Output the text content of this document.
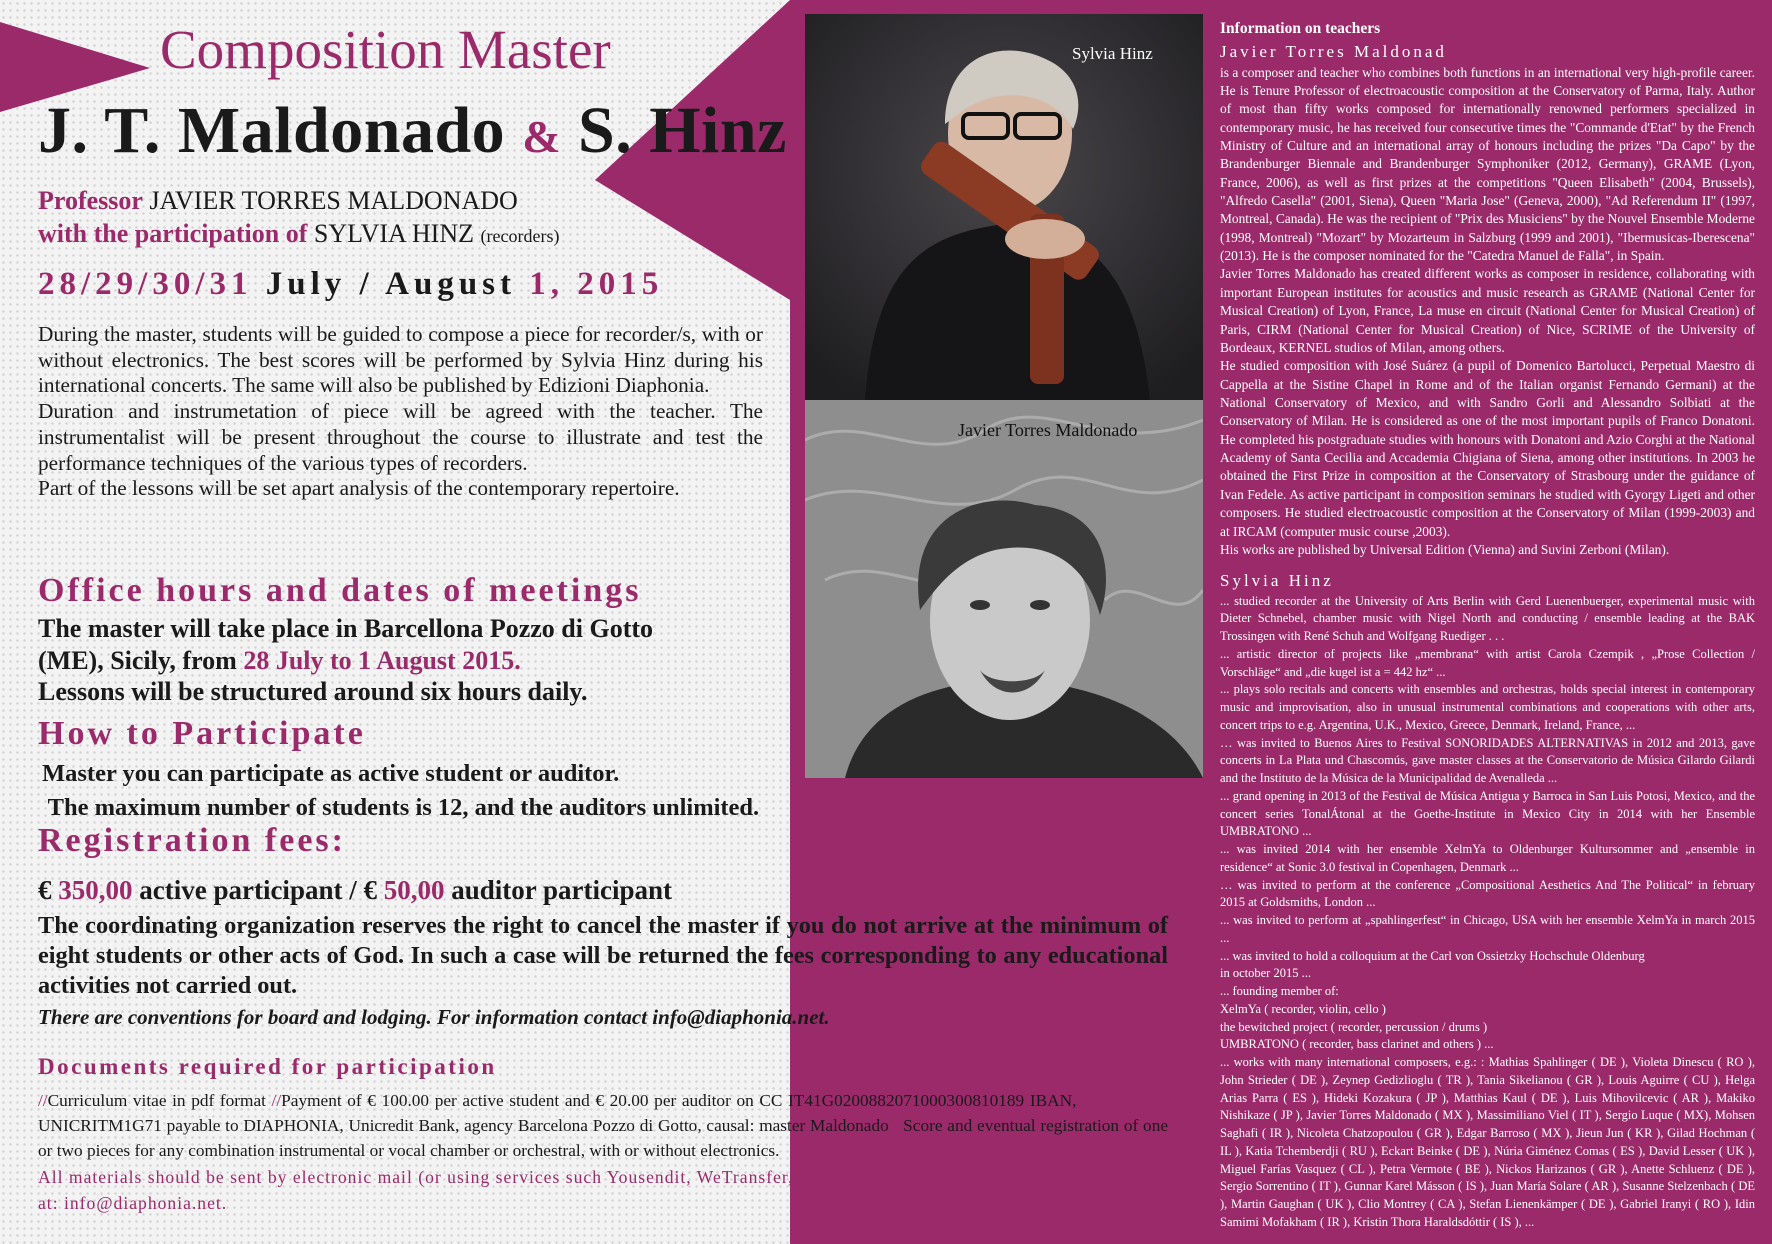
Composition Master
J. T. Maldonado & S. Hinz
Professor JAVIER TORRES MALDONADO
with the participation of SYLVIA HINZ (recorders)
28/29/30/31 July / August 1, 2015

During the master, students will be guided to compose a piece for recorder/s, with or without electronics. The best scores will be performed by Sylvia Hinz during his international concerts. The same will also be published by Edizioni Diaphonia.

Duration and instrumetation of piece will be agreed with the teacher. The instrumentalist will be present throughout the course to illustrate and test the performance techniques of the various types of recorders.

Part of the lessons will be set apart analysis of the contemporary repertoire.

Office hours and dates of meetings
The master will take place in Barcellona Pozzo di Gotto
(ME), Sicily, from 28 July to 1 August 2015.
Lessons will be structured around six hours daily.
How to Participate
Master you can participate as active student or auditor.
The maximum number of students is 12, and the auditors unlimited.
Registration fees:
€ 350,00 active participant / € 50,00 auditor participant
The coordinating organization reserves the right to cancel the master if you do not arrive at the minimum of eight students or other acts of God. In such a case will be returned the fees corresponding to any educational activities not carried out.
There are conventions for board and lodging. For information contact info@diaphonia.net.
Documents required for participation
//Curriculum vitae in pdf format //Payment of € 100.00 per active student and € 20.00 per auditor on CC IT41G0200882071000300810189 IBAN, BIC SWIFT  UNICRITM1G71 payable to DIAPHONIA, Unicredit Bank, agency Barcelona Pozzo di Gotto, causal: master Maldonado //Score and eventual registration of one or two pieces for any combination instrumental or vocal chamber or orchestral, with or without electronics.
All materials should be sent by electronic mail (or using services such Yousendit, WeTransfer, or other similar) no later than May 31, 2015 at: info@diaphonia.net.
Sylvia Hinz
Javier Torres Maldonado
Information on teachers
Javier Torres Maldonad

is a composer and teacher who combines both functions in an international very high-profile career. He is Tenure Professor of electroacoustic composition at the Conservatory of Parma, Italy. Author of most than fifty works composed for internationally renowned performers specialized in contemporary music, he has received four consecutive times the "Commande d'Etat" by the French Ministry of Culture and an international array of honours including the prizes "Da Capo" by the Brandenburger Biennale and Brandenburger Symphoniker (2012, Germany), GRAME (Lyon, France, 2006), as well as first prizes at the competitions "Queen Elisabeth" (2004, Brussels), "Alfredo Casella" (2001, Siena), Queen "Maria Jose" (Geneva, 2000), "Ad Referendum II" (1997, Montreal, Canada). He was the recipient of "Prix des Musiciens" by the Nouvel Ensemble Moderne (1998, Montreal) "Mozart" by Mozarteum in Salzburg (1999 and 2001), "Ibermusicas-Iberescena" (2013). He is the composer nominated for the "Catedra Manuel de Falla", in Spain.

Javier Torres Maldonado has created different works as composer in residence, collaborating with important European institutes for acoustics and music research as GRAME (National Center for Musical Creation) of Lyon, France, La muse en circuit (National Center for Musical Creation) of Paris, CIRM (National Center for Musical Creation) of Nice, SCRIME of the University of Bordeaux, KERNEL studios of Milan, among others.

He studied composition with José Suárez (a pupil of Domenico Bartolucci, Perpetual Maestro di Cappella at the Sistine Chapel in Rome and of the Italian organist Fernando Germani) at the National Conservatory of Mexico, and with Sandro Gorli and Alessandro Solbiati at the Conservatory of Milan. He is considered as one of the most important pupils of Franco Donatoni. He completed his postgraduate studies with honours with Donatoni and Azio Corghi at the National Academy of Santa Cecilia and Accademia Chigiana of Siena, among other institutions. In 2003 he obtained the First Prize in composition at the Conservatory of Strasbourg under the guidance of Ivan Fedele. As active participant in composition seminars he studied with Gyorgy Ligeti and other composers. He studied electroacoustic composition at the Conservatory of Milan (1999-2003) and at IRCAM (computer music course ,2003).

His works are published by Universal Edition (Vienna) and Suvini Zerboni (Milan).

Sylvia Hinz

... studied recorder at the University of Arts Berlin with Gerd Luenenbuerger, experimental music with Dieter Schnebel, chamber music with Nigel North and conducting / ensemble leading at the BAK Trossingen with René Schuh and Wolfgang Ruediger . . .

... artistic director of projects like „membrana“ with artist Carola Czempik , „Prose Collection / Vorschläge“ and „die kugel ist a = 442 hz“ ...

... plays solo recitals and concerts with ensembles and orchestras, holds special interest in contemporary music and improvisation, also in unusual instrumental combinations and cooperations with other arts, concert trips to e.g. Argentina, U.K., Mexico, Greece, Denmark, Ireland, France, ...

… was invited to Buenos Aires to Festival SONORIDADES ALTERNATIVAS in 2012 and 2013, gave concerts in La Plata und Chascomús, gave master classes at the Conservatorio de Música Gilardo Gilardi and the Instituto de la Música de la Municipalidad de Avenalleda ...

... grand opening in 2013 of the Festival de Música Antigua y Barroca in San Luis Potosi, Mexico, and the concert series TonalÁtonal at the Goethe-Institute in Mexico City in 2014 with her Ensemble UMBRATONO ...

... was invited 2014 with her ensemble XelmYa to Oldenburger Kultursommer and „ensemble in residence“ at Sonic 3.0 festival in Copenhagen, Denmark ...

… was invited to perform at the conference „Compositional Aesthetics And The Political“ in february 2015 at Goldsmiths, London ...

... was invited to perform at „spahlingerfest“ in Chicago, USA with her ensemble XelmYa in march 2015 ...

... was invited to hold a colloquium at the Carl von Ossietzky Hochschule Oldenburg

in october 2015 ...

... founding member of:

XelmYa ( recorder, violin, cello )

the bewitched project ( recorder, percussion / drums )

UMBRATONO ( recorder, bass clarinet and others ) ...

... works with many international composers, e.g.: : Mathias Spahlinger ( DE ), Violeta Dinescu ( RO ), John Strieder ( DE ), Zeynep Gedizlioglu ( TR ), Tania Sikelianou ( GR ), Louis Aguirre ( CU ), Helga Arias Parra ( ES ), Hideki Kozakura ( JP ), Matthias Kaul ( DE ), Luis Mihovilcevic ( AR ), Makiko Nishikaze ( JP ), Javier Torres Maldonado ( MX ), Massimiliano Viel ( IT ), Sergio Luque ( MX), Mohsen Saghafi ( IR ), Nicoleta Chatzopoulou ( GR ), Edgar Barroso ( MX ), Jieun Jun ( KR ), Gilad Hochman ( IL ), Katia Tchemberdji ( RU ), Eckart Beinke ( DE ), Núria Giménez Comas ( ES ), David Lesser ( UK ), Miguel Farías Vasquez ( CL ), Petra Vermote ( BE ), Nickos Harizanos ( GR ), Anette Schluenz ( DE ), Sergio Sorrentino ( IT ), Gunnar Karel Másson ( IS ), Juan María Solare ( AR ), Susanne Stelzenbach ( DE ), Martin Gaughan ( UK ), Clio Montrey ( CA ), Stefan Lienenkämper ( DE ), Gabriel Iranyi ( RO ), Idin Samimi Mofakham ( IR ), Kristin Thora Haraldsdóttir ( IS ), ...
